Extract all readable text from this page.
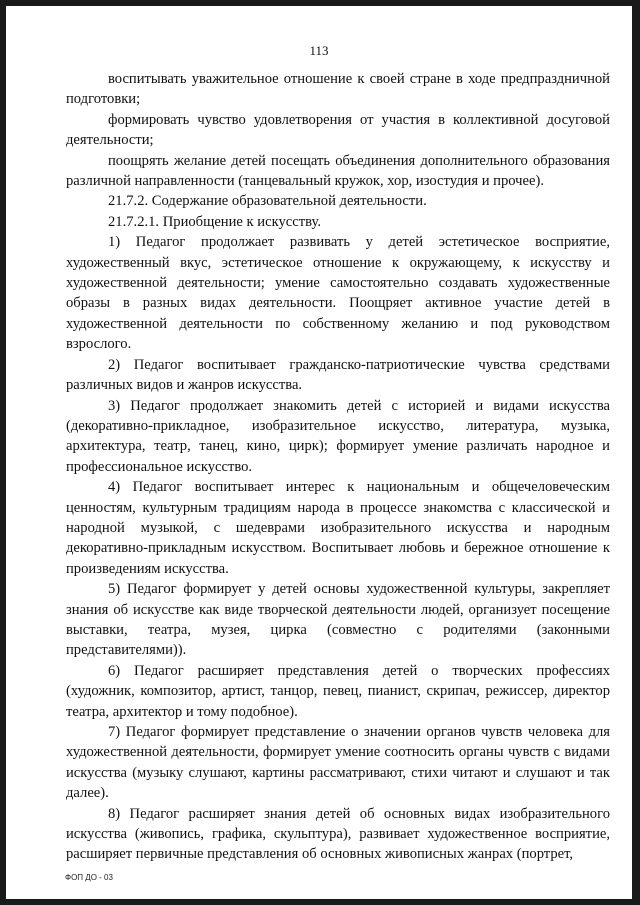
113

воспитывать уважительное отношение к своей стране в ходе предпраздничной подготовки;

формировать чувство удовлетворения от участия в коллективной досуговой деятельности;

поощрять желание детей посещать объединения дополнительного образования различной направленности (танцевальный кружок, хор, изостудия и прочее).

21.7.2. Содержание образовательной деятельности.

21.7.2.1. Приобщение к искусству.

1) Педагог продолжает развивать у детей эстетическое восприятие, художественный вкус, эстетическое отношение к окружающему, к искусству и художественной деятельности; умение самостоятельно создавать художественные образы в разных видах деятельности. Поощряет активное участие детей в художественной деятельности по собственному желанию и под руководством взрослого.

2) Педагог воспитывает гражданско-патриотические чувства средствами различных видов и жанров искусства.

3) Педагог продолжает знакомить детей с историей и видами искусства (декоративно-прикладное, изобразительное искусство, литература, музыка, архитектура, театр, танец, кино, цирк); формирует умение различать народное и профессиональное искусство.

4) Педагог воспитывает интерес к национальным и общечеловеческим ценностям, культурным традициям народа в процессе знакомства с классической и народной музыкой, с шедеврами изобразительного искусства и народным декоративно-прикладным искусством. Воспитывает любовь и бережное отношение к произведениям искусства.

5) Педагог формирует у детей основы художественной культуры, закрепляет знания об искусстве как виде творческой деятельности людей, организует посещение выставки, театра, музея, цирка (совместно с родителями (законными представителями)).

6) Педагог расширяет представления детей о творческих профессиях (художник, композитор, артист, танцор, певец, пианист, скрипач, режиссер, директор театра, архитектор и тому подобное).

7) Педагог формирует представление о значении органов чувств человека для художественной деятельности, формирует умение соотносить органы чувств с видами искусства (музыку слушают, картины рассматривают, стихи читают и слушают и так далее).

8) Педагог расширяет знания детей об основных видах изобразительного искусства (живопись, графика, скульптура), развивает художественное восприятие, расширяет первичные представления об основных живописных жанрах (портрет,

ФОП ДО - 03
